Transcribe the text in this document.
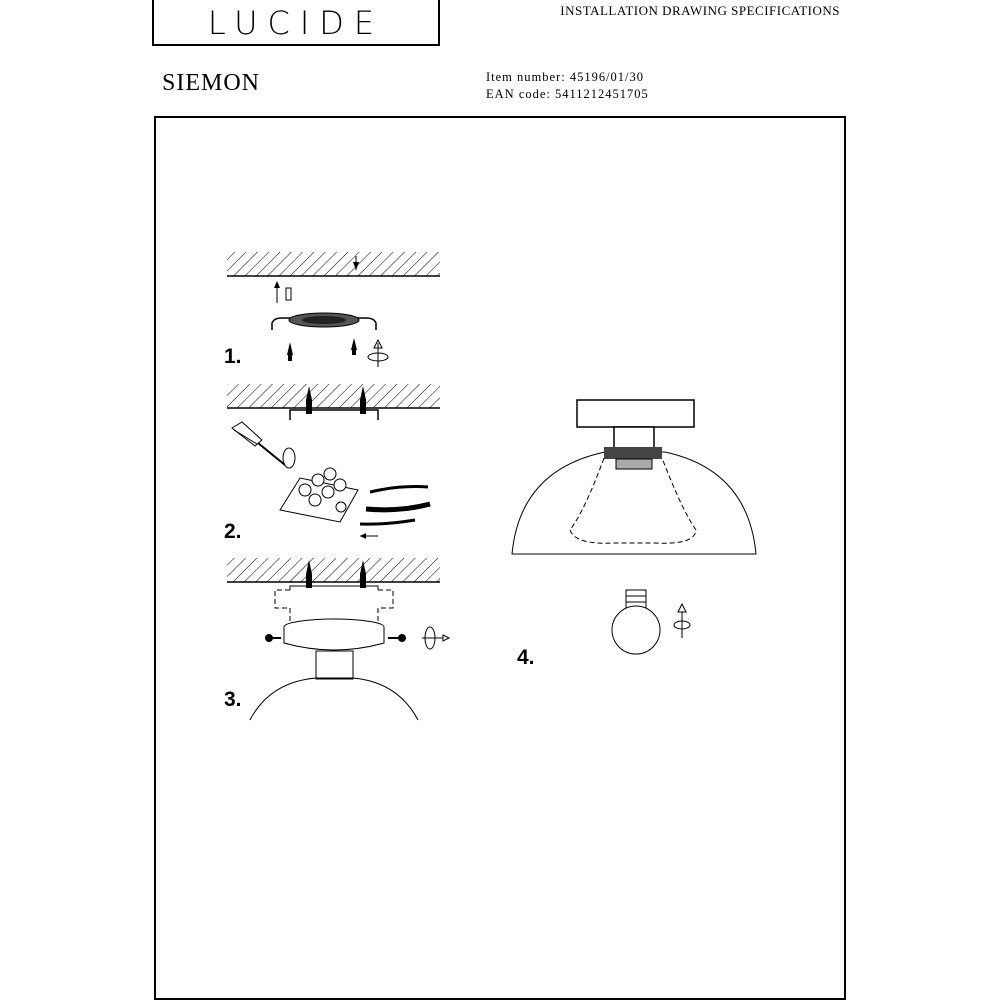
LUCIDE	INSTALLATION DRAWING SPECIFICATIONS
SIEMON	Item number: 45196/01/30
EAN code: 5411212451705
1.
2.
3.
4.
